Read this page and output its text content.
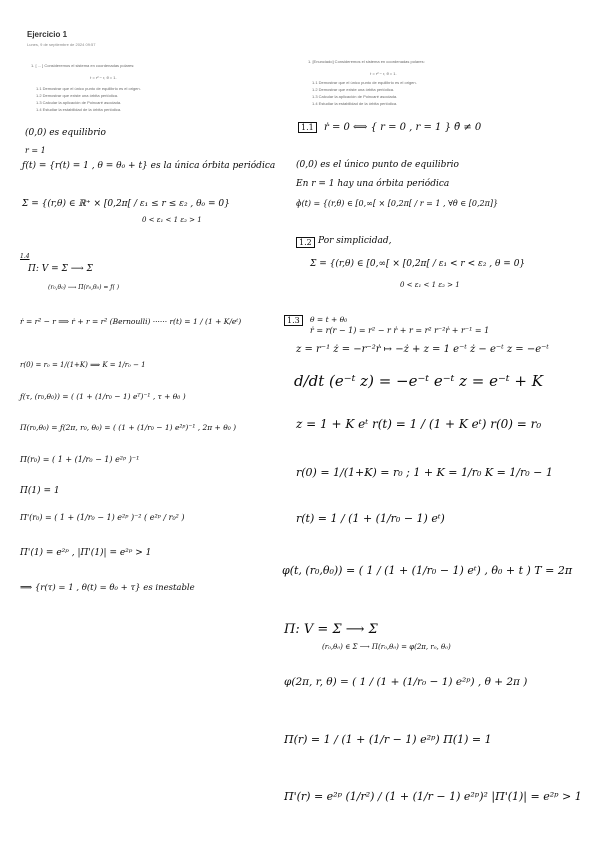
Ejercicio 1
Lunes, 9 de septiembre de 2024 09:57
1. [ ... ] Consideremos el sistema en coordenadas polares:
ṙ = r² − r, θ̇ = 1.
1.1 Demostrar que el único punto de equilibrio es el origen.
1.2 Demostrar que existe una órbita periódica.
1.3 Calcular la aplicación de Poincaré asociada.
1.4 Estudiar la estabilidad de la órbita periódica.
1. [Enunciado] Consideremos el sistema en coordenadas polares:
ṙ = r² − r, θ̇ = 1.
1.1 Demostrar que el único punto de equilibrio es el origen.
1.2 Demostrar que existe una órbita periódica.
1.3 Calcular la aplicación de Poincaré asociada.
1.4 Estudiar la estabilidad de la órbita periódica.
(0,0) es equilibrio
r = 1
ƒ(t) = {r(t) = 1 , θ = θ₀ + t} es la única órbita periódica
Σ = {(r,θ) ∈ ℝ⁺ × [0,2π[ / ε₁ ≤ r ≤ ε₂ , θ₀ = 0}
0 < ε₁ < 1 ε₂ > 1
1.4
Π: V = Σ ⟶ Σ
(r₀,θ₀) ⟶ Π(r₀,θ₀) = ƒ( )
ṙ = r² − r ⟹ ṙ + r = r² (Bernoulli) ······ r(t) = 1 / (1 + K/eᵗ)
r(0) = r₀ = 1/(1+K) ⟹ K = 1/r₀ − 1
ƒ(τ, (r₀,θ₀)) = ( (1 + (1/r₀ − 1) eᵀ)⁻¹ , τ + θ₀ )
Π(r₀,θ₀) = ƒ(2π, r₀, θ₀) = ( (1 + (1/r₀ − 1) e²ᵖ)⁻¹ , 2π + θ₀ )
Π(r₀) = ( 1 + (1/r₀ − 1) e²ᵖ )⁻¹
Π(1) = 1
Π'(r₀) = ( 1 + (1/r₀ − 1) e²ᵖ )⁻² ( e²ᵖ / r₀² )
Π'(1) = e²ᵖ , |Π'(1)| = e²ᵖ > 1
⟹ {r(τ) = 1 , θ(t) = θ₀ + τ} es inestable
1.1	ṙ = 0 ⟺ { r = 0 , r = 1 } θ̇ ≠ 0
(0,0) es el único punto de equilibrio
En r = 1 hay una órbita periódica
ɸ(t) = {(r,θ) ∈ [0,∞[ × [0,2π[ / r = 1 , ∀θ ∈ [0,2π]}
1.2 Por simplicidad,
Σ = {(r,θ) ∈ [0,∞[ × [0,2π[ / ε₁ < r < ε₂ , θ = 0}
0 < ε₁ < 1 ε₂ > 1
1.3	θ = t + θ₀
ṙ = r(r − 1) = r² − r ṙ + r = r² r⁻²ṙ + r⁻¹ = 1
z = r⁻¹ ż = −r⁻²ṙ ↦ −ż + z = 1 e⁻ᵗ ż − e⁻ᵗ z = −e⁻ᵗ
d/dt (e⁻ᵗ z) = −e⁻ᵗ e⁻ᵗ z = e⁻ᵗ + K
z = 1 + K eᵗ r(t) = 1 / (1 + K eᵗ) r(0) = r₀
r(0) = 1/(1+K) = r₀ ; 1 + K = 1/r₀ K = 1/r₀ − 1
r(t) = 1 / (1 + (1/r₀ − 1) eᵗ)
φ(t, (r₀,θ₀)) = ( 1 / (1 + (1/r₀ − 1) eᵗ) , θ₀ + t ) T = 2π
Π: V = Σ ⟶ Σ
(r₀,θ₀) ∈ Σ ⟶ Π(r₀,θ₀) = φ(2π, r₀, θ₀)
φ(2π, r, θ) = ( 1 / (1 + (1/r₀ − 1) e²ᵖ) , θ + 2π )
Π(r) = 1 / (1 + (1/r − 1) e²ᵖ) Π(1) = 1
Π'(r) = e²ᵖ (1/r²) / (1 + (1/r − 1) e²ᵖ)² |Π'(1)| = e²ᵖ > 1
